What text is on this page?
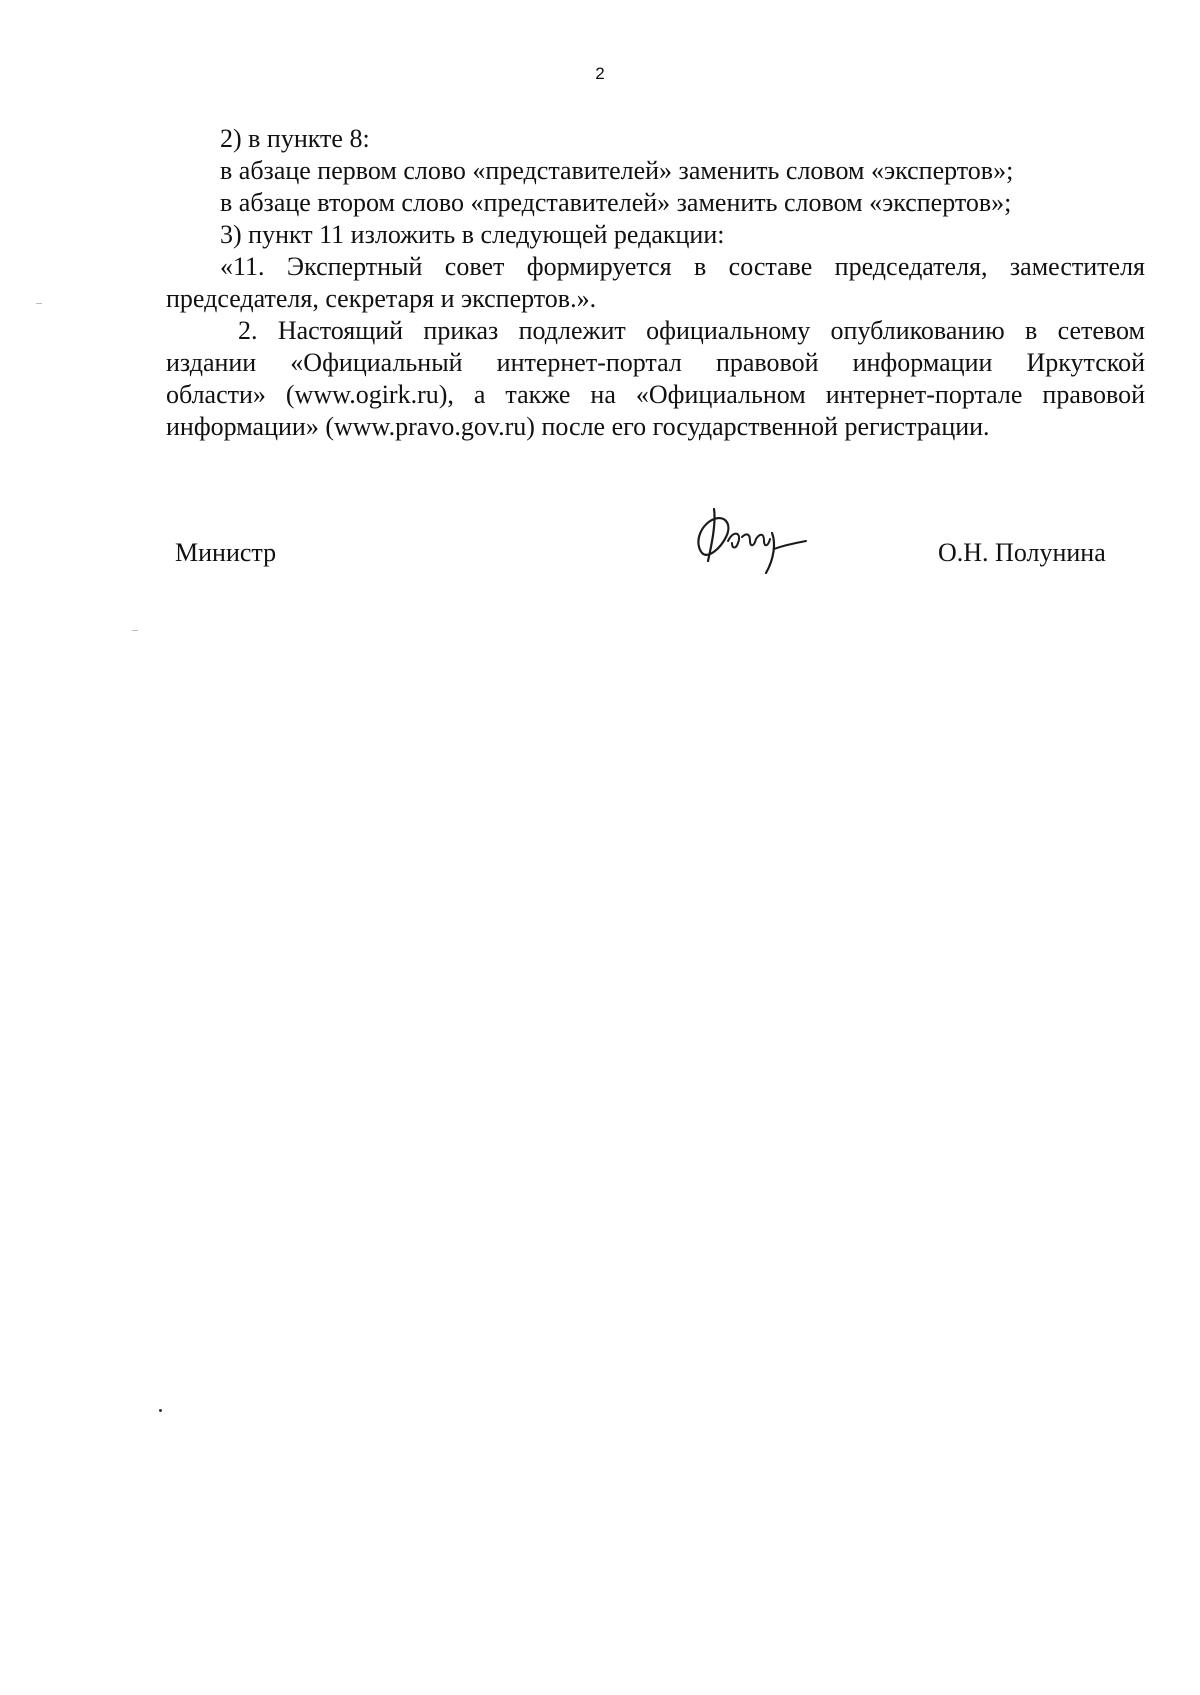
2
2) в пункте 8:
в абзаце первом слово «представителей» заменить словом «экспертов»;
в абзаце втором слово «представителей» заменить словом «экспертов»;
3) пункт 11 изложить в следующей редакции:
«11. Экспертный совет формируется в составе председателя, заместителя
председателя, секретаря и экспертов.».
2. Настоящий приказ подлежит официальному опубликованию в сетевом
издании «Официальный интернет-портал правовой информации Иркутской
области» (www.ogirk.ru), а также на «Официальном интернет-портале правовой
информации» (www.pravo.gov.ru) после его государственной регистрации.
Министр	О.Н. Полунина
